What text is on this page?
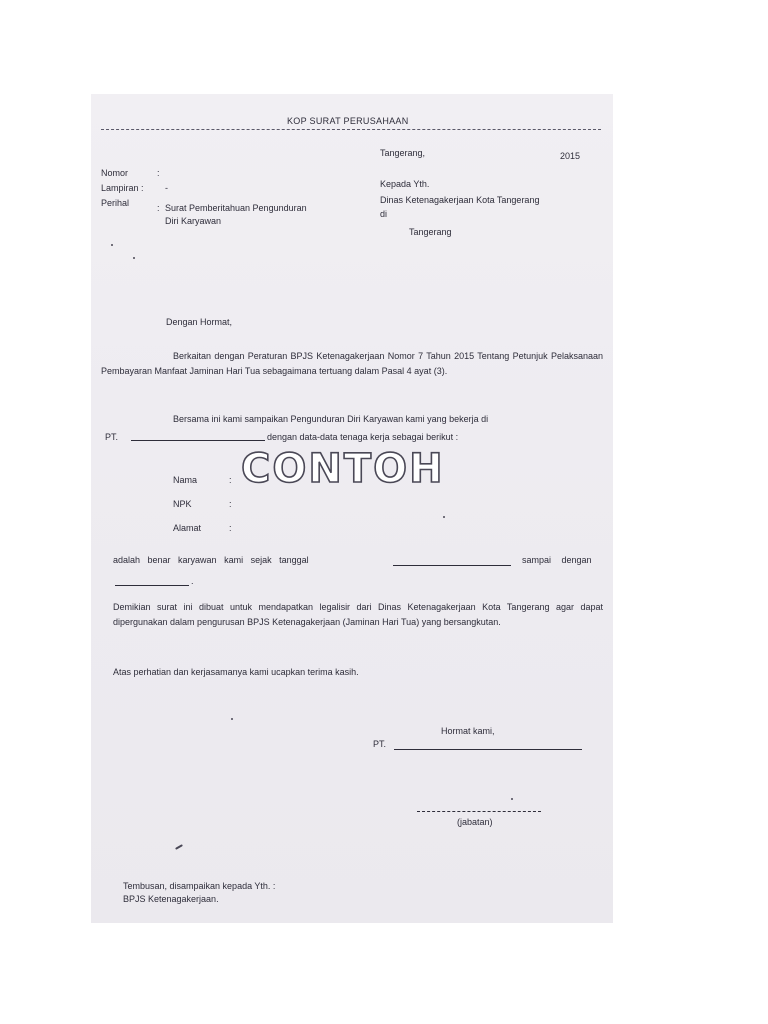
KOP SURAT PERUSAHAAN
Tangerang,	2015
Nomor	:
Lampiran : -
Perihal	: Surat Pemberitahuan Pengunduran
Diri Karyawan
Kepada Yth.
Dinas Ketenagakerjaan Kota Tangerang
di
Tangerang
Dengan Hormat,
Berkaitan dengan Peraturan BPJS Ketenagakerjaan Nomor 7 Tahun 2015 Tentang Petunjuk Pelaksanaan Pembayaran Manfaat Jaminan Hari Tua sebagaimana tertuang dalam Pasal 4 ayat (3).
Bersama ini kami sampaikan Pengunduran Diri Karyawan kami yang bekerja di
PT.	dengan data-data tenaga kerja sebagai berikut :
CONTOH
Nama	:
NPK	:
Alamat	:
adalah benar karyawan kami sejak tanggal	sampai dengan
.
Demikian surat ini dibuat untuk mendapatkan legalisir dari Dinas Ketenagakerjaan Kota Tangerang agar dapat dipergunakan dalam pengurusan BPJS Ketenagakerjaan (Jaminan Hari Tua) yang bersangkutan.
Atas perhatian dan kerjasamanya kami ucapkan terima kasih.
Hormat kami,
PT.
(jabatan)
Tembusan, disampaikan kepada Yth. :
BPJS Ketenagakerjaan.
